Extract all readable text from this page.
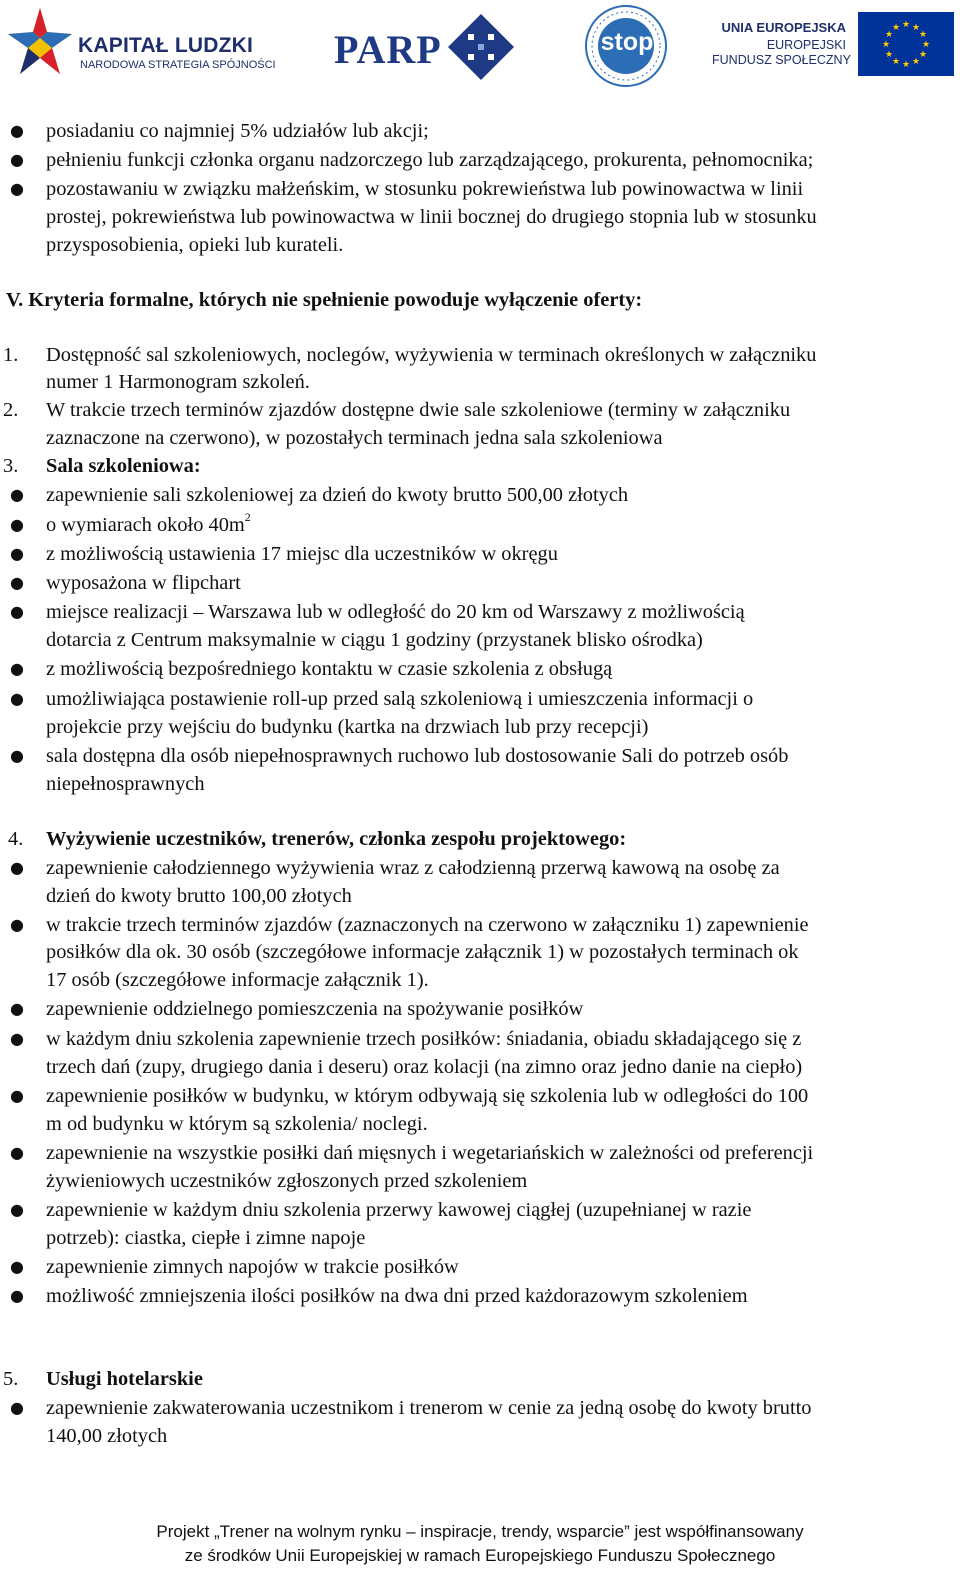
KAPITAŁ LUDZKI
NARODOWA STRATEGIA SPÓJNOŚCI PARP	stop
UNIA EUROPEJSKA
EUROPEJSKI
FUNDUSZ SPOŁECZNY
★ ★
★
★
★
★
★
★
★
★
★
★
● posiadaniu co najmniej 5% udziałów lub akcji;
● pełnieniu funkcji członka organu nadzorczego lub zarządzającego, prokurenta, pełnomocnika;
● pozostawaniu w związku małżeńskim, w stosunku pokrewieństwa lub powinowactwa w linii
prostej, pokrewieństwa lub powinowactwa w linii bocznej do drugiego stopnia lub w stosunku
przysposobienia, opieki lub kurateli.
V. Kryteria formalne, których nie spełnienie powoduje wyłączenie oferty:
1.	Dostępność sal szkoleniowych, noclegów, wyżywienia w terminach określonych w załączniku
numer 1 Harmonogram szkoleń.
2.	W trakcie trzech terminów zjazdów dostępne dwie sale szkoleniowe (terminy w załączniku
zaznaczone na czerwono), w pozostałych terminach jedna sala szkoleniowa
3.	Sala szkoleniowa:
● zapewnienie sali szkoleniowej za dzień do kwoty brutto 500,00 złotych
● o wymiarach około $40m^2$
● z możliwością ustawienia 17 miejsc dla uczestników w okręgu
● wyposażona w flipchart
● miejsce realizacji – Warszawa lub w odległość do 20 km od Warszawy z możliwością
dotarcia z Centrum maksymalnie w ciągu 1 godziny (przystanek blisko ośrodka)
● z możliwością bezpośredniego kontaktu w czasie szkolenia z obsługą
● umożliwiająca postawienie roll-up przed salą szkoleniową i umieszczenia informacji o
projekcie przy wejściu do budynku (kartka na drzwiach lub przy recepcji)
● sala dostępna dla osób niepełnosprawnych ruchowo lub dostosowanie Sali do potrzeb osób
niepełnosprawnych
4.	Wyżywienie uczestników, trenerów, członka zespołu projektowego:
● zapewnienie całodziennego wyżywienia wraz z całodzienną przerwą kawową na osobę za
dzień do kwoty brutto 100,00 złotych
● w trakcie trzech terminów zjazdów (zaznaczonych na czerwono w załączniku 1) zapewnienie
posiłków dla ok. 30 osób (szczegółowe informacje załącznik 1) w pozostałych terminach ok
17 osób (szczegółowe informacje załącznik 1).
● zapewnienie oddzielnego pomieszczenia na spożywanie posiłków
● w każdym dniu szkolenia zapewnienie trzech posiłków: śniadania, obiadu składającego się z
trzech dań (zupy, drugiego dania i deseru) oraz kolacji (na zimno oraz jedno danie na ciepło)
● zapewnienie posiłków w budynku, w którym odbywają się szkolenia lub w odległości do 100
m od budynku w którym są szkolenia/ noclegi.
● zapewnienie na wszystkie posiłki dań mięsnych i wegetariańskich w zależności od preferencji
żywieniowych uczestników zgłoszonych przed szkoleniem
● zapewnienie w każdym dniu szkolenia przerwy kawowej ciągłej (uzupełnianej w razie
potrzeb): ciastka, ciepłe i zimne napoje
● zapewnienie zimnych napojów w trakcie posiłków
● możliwość zmniejszenia ilości posiłków na dwa dni przed każdorazowym szkoleniem
5.	Usługi hotelarskie
● zapewnienie zakwaterowania uczestnikom i trenerom w cenie za jedną osobę do kwoty brutto
140,00 złotych
Projekt „Trener na wolnym rynku – inspiracje, trendy, wsparcie” jest współfinansowany
ze środków Unii Europejskiej w ramach Europejskiego Funduszu Społecznego
